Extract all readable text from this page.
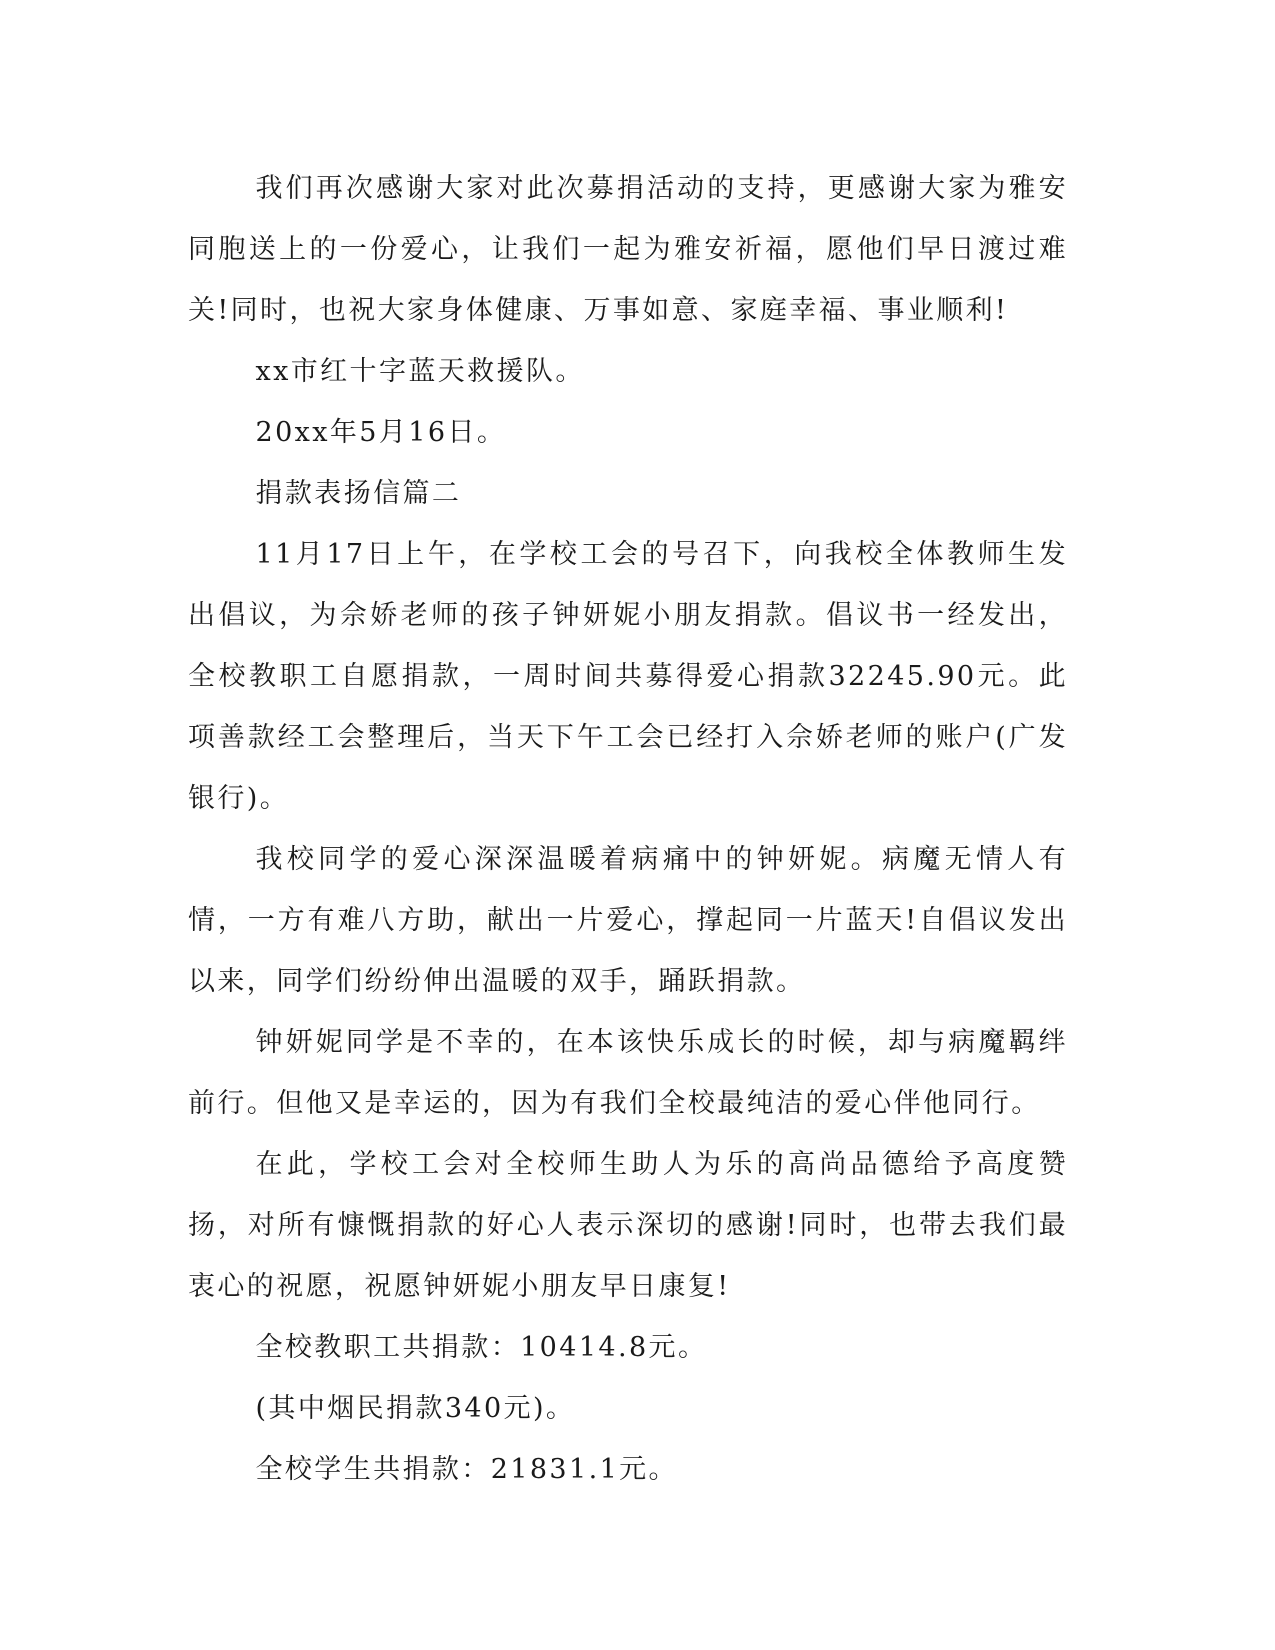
我们再次感谢大家对此次募捐活动的支持，更感谢大家为雅安同胞送上的一份爱心，让我们一起为雅安祈福，愿他们早日渡过难关!同时，也祝大家身体健康、万事如意、家庭幸福、事业顺利!

xx市红十字蓝天救援队。

20xx年5月16日。

捐款表扬信篇二

11月17日上午，在学校工会的号召下，向我校全体教师生发出倡议，为佘娇老师的孩子钟妍妮小朋友捐款。倡议书一经发出，全校教职工自愿捐款，一周时间共募得爱心捐款32245.90元。此项善款经工会整理后，当天下午工会已经打入佘娇老师的账户(广发银行)。

我校同学的爱心深深温暖着病痛中的钟妍妮。病魔无情人有情，一方有难八方助，献出一片爱心，撑起同一片蓝天!自倡议发出以来，同学们纷纷伸出温暖的双手，踊跃捐款。

钟妍妮同学是不幸的，在本该快乐成长的时候，却与病魔羁绊前行。但他又是幸运的，因为有我们全校最纯洁的爱心伴他同行。

在此，学校工会对全校师生助人为乐的高尚品德给予高度赞扬，对所有慷慨捐款的好心人表示深切的感谢!同时，也带去我们最衷心的祝愿，祝愿钟妍妮小朋友早日康复!

全校教职工共捐款：10414.8元。

(其中烟民捐款340元)。

全校学生共捐款：21831.1元。
